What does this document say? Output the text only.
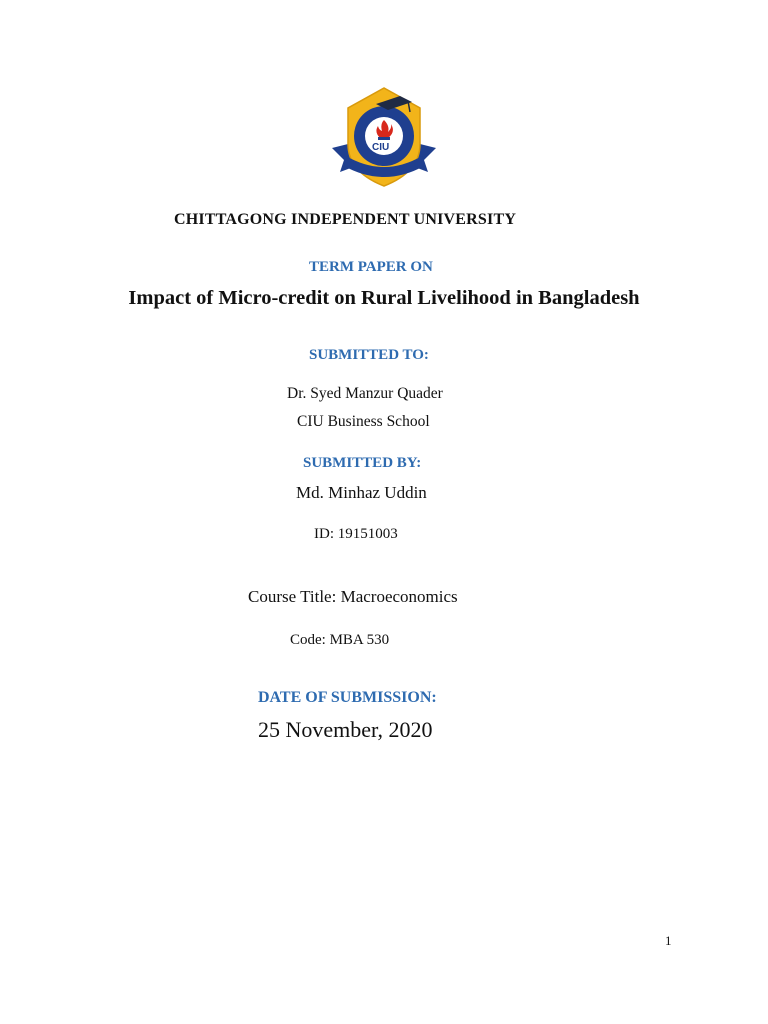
CIU
CHITTAGONG INDEPENDENT UNIVERSITY
TERM PAPER ON
Impact of Micro-credit on Rural Livelihood in Bangladesh
SUBMITTED TO:
Dr. Syed Manzur Quader
CIU Business School
SUBMITTED BY:
Md. Minhaz Uddin
ID: 19151003
Course Title: Macroeconomics
Code: MBA 530
DATE OF SUBMISSION:
25 November, 2020
1
